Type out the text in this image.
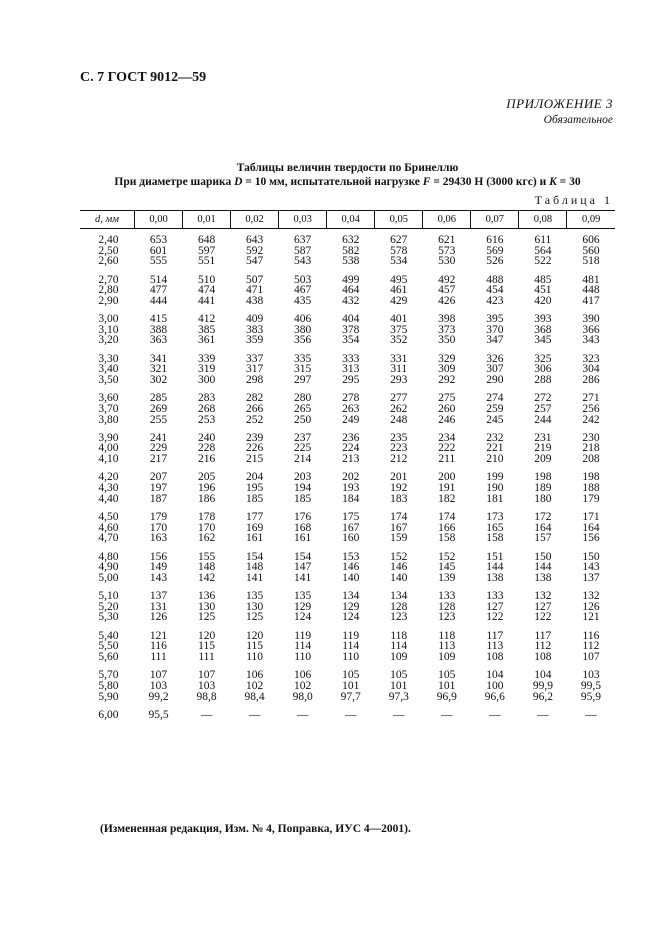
С. 7 ГОСТ 9012—59
ПРИЛОЖЕНИЕ 3
Обязательное
Таблицы величин твердости по Бринеллю
При диаметре шарика D = 10 мм, испытательной нагрузке F = 29430 Н (3000 кгс) и K = 30
Таблица 1
d, мм	0,00	0,01	0,02	0,03	0,04	0,05	0,06	0,07	0,08	0,09
2,40	653	648	643	637	632	627	621	616	611	606
2,50	601	597	592	587	582	578	573	569	564	560
2,60	555	551	547	543	538	534	530	526	522	518
2,70	514	510	507	503	499	495	492	488	485	481
2,80	477	474	471	467	464	461	457	454	451	448
2,90	444	441	438	435	432	429	426	423	420	417
3,00	415	412	409	406	404	401	398	395	393	390
3,10	388	385	383	380	378	375	373	370	368	366
3,20	363	361	359	356	354	352	350	347	345	343
3,30	341	339	337	335	333	331	329	326	325	323
3,40	321	319	317	315	313	311	309	307	306	304
3,50	302	300	298	297	295	293	292	290	288	286
3,60	285	283	282	280	278	277	275	274	272	271
3,70	269	268	266	265	263	262	260	259	257	256
3,80	255	253	252	250	249	248	246	245	244	242
3,90	241	240	239	237	236	235	234	232	231	230
4,00	229	228	226	225	224	223	222	221	219	218
4,10	217	216	215	214	213	212	211	210	209	208
4,20	207	205	204	203	202	201	200	199	198	198
4,30	197	196	195	194	193	192	191	190	189	188
4,40	187	186	185	185	184	183	182	181	180	179
4,50	179	178	177	176	175	174	174	173	172	171
4,60	170	170	169	168	167	167	166	165	164	164
4,70	163	162	161	161	160	159	158	158	157	156
4,80	156	155	154	154	153	152	152	151	150	150
4,90	149	148	148	147	146	146	145	144	144	143
5,00	143	142	141	141	140	140	139	138	138	137
5,10	137	136	135	135	134	134	133	133	132	132
5,20	131	130	130	129	129	128	128	127	127	126
5,30	126	125	125	124	124	123	123	122	122	121
5,40	121	120	120	119	119	118	118	117	117	116
5,50	116	115	115	114	114	114	113	113	112	112
5,60	111	111	110	110	110	109	109	108	108	107
5,70	107	107	106	106	105	105	105	104	104	103
5,80	103	103	102	102	101	101	101	100	99,9	99,5
5,90	99,2	98,8	98,4	98,0	97,7	97,3	96,9	96,6	96,2	95,9
6,00	95,5	—	—	—	—	—	—	—	—	—
(Измененная редакция, Изм. № 4, Поправка, ИУС 4—2001).
